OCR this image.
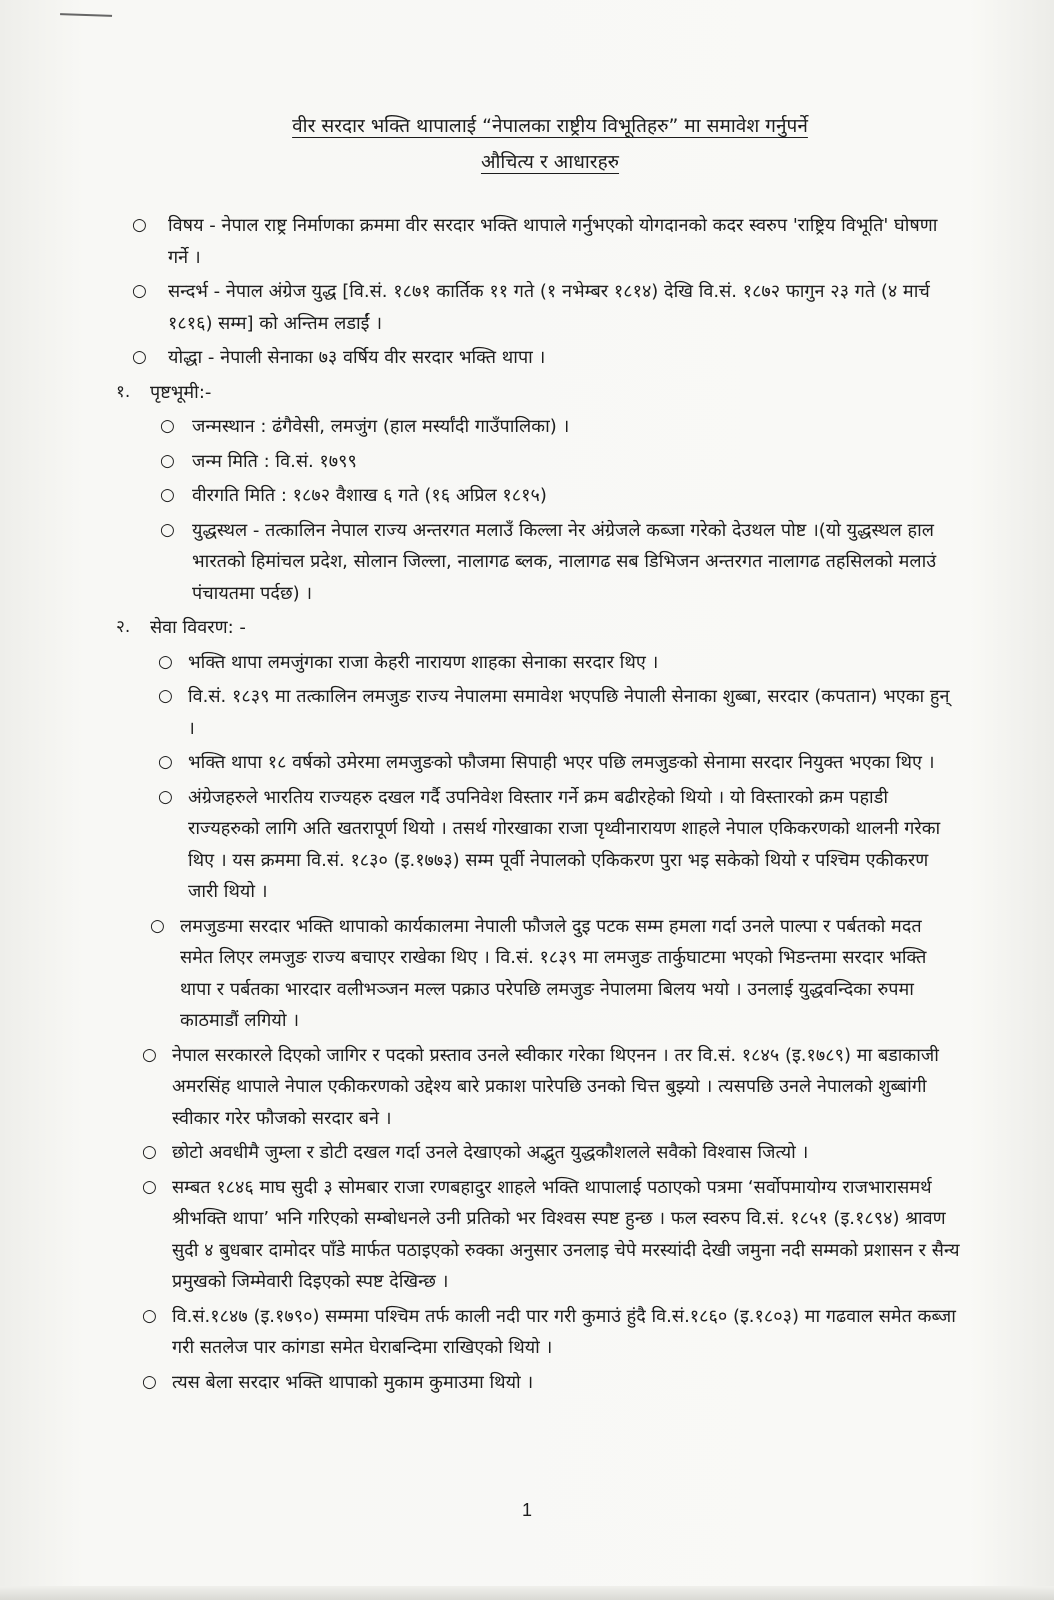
वीर सरदार भक्ति थापालाई “नेपालका राष्ट्रीय विभूतिहरु” मा समावेश गर्नुपर्ने
औचित्य र आधारहरु
○ विषय - नेपाल राष्ट्र निर्माणका क्रममा वीर सरदार भक्ति थापाले गर्नुभएको योगदानको कदर स्वरुप 'राष्ट्रिय विभूति' घोषणा गर्ने ।
○ सन्दर्भ - नेपाल अंग्रेज युद्ध [वि.सं. १८७१ कार्तिक ११ गते (१ नभेम्बर १८१४) देखि वि.सं. १८७२ फागुन २३ गते (४ मार्च १८१६) सम्म] को अन्तिम लडाईं ।
○ योद्धा - नेपाली सेनाका ७३ वर्षिय वीर सरदार भक्ति थापा ।
१. पृष्टभूमी:-
○ जन्मस्थान : ढंगैवेसी, लमजुंग (हाल मर्स्यांदी गाउँपालिका) ।
○ जन्म मिति : वि.सं. १७९९
○ वीरगति मिति : १८७२ वैशाख ६ गते (१६ अप्रिल १८१५)
○ युद्धस्थल - तत्कालिन नेपाल राज्य अन्तरगत मलाउँ किल्ला नेर अंग्रेजले कब्जा गरेको देउथल पोष्ट ।(यो युद्धस्थल हाल भारतको हिमांचल प्रदेश, सोलान जिल्ला, नालागढ ब्लक, नालागढ सब डिभिजन अन्तरगत नालागढ तहसिलको मलाउं पंचायतमा पर्दछ) ।
२. सेवा विवरण: -
○ भक्ति थापा लमजुंगका राजा केहरी नारायण शाहका सेनाका सरदार थिए ।
○ वि.सं. १८३९ मा तत्कालिन लमजुङ राज्य नेपालमा समावेश भएपछि नेपाली सेनाका शुब्बा, सरदार (कपतान) भएका हुन् ।
○ भक्ति थापा १८ वर्षको उमेरमा लमजुङको फौजमा सिपाही भएर पछि लमजुङको सेनामा सरदार नियुक्त भएका थिए ।
○ अंग्रेजहरुले भारतिय राज्यहरु दखल गर्दै उपनिवेश विस्तार गर्ने क्रम बढीरहेको थियो । यो विस्तारको क्रम पहाडी राज्यहरुको लागि अति खतरापूर्ण थियो । तसर्थ गोरखाका राजा पृथ्वीनारायण शाहले नेपाल एकिकरणको थालनी गरेका थिए । यस क्रममा वि.सं. १८३० (इ.१७७३) सम्म पूर्वी नेपालको एकिकरण पुरा भइ सकेको थियो र पश्चिम एकीकरण जारी थियो ।
○ लमजुङमा सरदार भक्ति थापाको कार्यकालमा नेपाली फौजले दुइ पटक सम्म हमला गर्दा उनले पाल्पा र पर्बतको मदत समेत लिएर लमजुङ राज्य बचाएर राखेका थिए । वि.सं. १८३९ मा लमजुङ तार्कुघाटमा भएको भिडन्तमा सरदार भक्ति थापा र पर्बतका भारदार वलीभञ्जन मल्ल पक्राउ परेपछि लमजुङ नेपालमा बिलय भयो । उनलाई युद्धवन्दिका रुपमा काठमाडौं लगियो ।
○ नेपाल सरकारले दिएको जागिर र पदको प्रस्ताव उनले स्वीकार गरेका थिएनन । तर वि.सं. १८४५ (इ.१७८९) मा बडाकाजी अमरसिंह थापाले नेपाल एकीकरणको उद्देश्य बारे प्रकाश पारेपछि उनको चित्त बुझ्यो । त्यसपछि उनले नेपालको शुब्बांगी स्वीकार गरेर फौजको सरदार बने ।
○ छोटो अवधीमै जुम्ला र डोटी दखल गर्दा उनले देखाएको अद्भुत युद्धकौशलले सवैको विश्वास जित्यो ।
○ सम्बत १८४६ माघ सुदी ३ सोमबार राजा रणबहादुर शाहले भक्ति थापालाई पठाएको पत्रमा ‘सर्वोपमायोग्य राजभारासमर्थ श्रीभक्ति थापा’ भनि गरिएको सम्बोधनले उनी प्रतिको भर विश्वस स्पष्ट हुन्छ । फल स्वरुप वि.सं. १८५१ (इ.१८९४) श्रावण सुदी ४ बुधबार दामोदर पाँडे मार्फत पठाइएको रुक्का अनुसार उनलाइ चेपे मरस्यांदी देखी जमुना नदी सम्मको प्रशासन र सैन्य प्रमुखको जिम्मेवारी दिइएको स्पष्ट देखिन्छ ।
○ वि.सं.१८४७ (इ.१७९०) सम्ममा पश्चिम तर्फ काली नदी पार गरी कुमाउं हुंदै वि.सं.१८६० (इ.१८०३) मा गढवाल समेत कब्जा गरी सतलेज पार कांगडा समेत घेराबन्दिमा राखिएको थियो ।
○ त्यस बेला सरदार भक्ति थापाको मुकाम कुमाउमा थियो ।
1
